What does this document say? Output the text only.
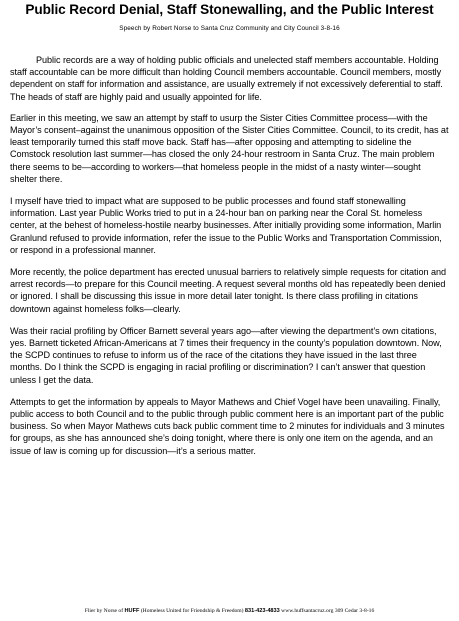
Public Record Denial, Staff Stonewalling, and the Public Interest
Speech by Robert Norse to Santa Cruz Community and City Council 3-8-16

Public records are a way of holding public officials and unelected staff members accountable. Holding staff accountable can be more difficult than holding Council members accountable. Council members, mostly dependent on staff for information and assistance, are usually extremely if not excessively deferential to staff. The heads of staff are highly paid and usually appointed for life.

Earlier in this meeting, we saw an attempt by staff to usurp the Sister Cities Committee process—with the Mayor’s consent–against the unanimous opposition of the Sister Cities Committee. Council, to its credit, has at least temporarily turned this staff move back. Staff has—after opposing and attempting to sideline the Comstock resolution last summer—has closed the only 24-hour restroom in Santa Cruz. The main problem there seems to be—according to workers—that homeless people in the midst of a nasty winter—sought shelter there.

I myself have tried to impact what are supposed to be public processes and found staff stonewalling information. Last year Public Works tried to put in a 24-hour ban on parking near the Coral St. homeless center, at the behest of homeless-hostile nearby businesses. After initially providing some information, Marlin Granlund refused to provide information, refer the issue to the Public Works and Transportation Commission, or respond in a professional manner.

More recently, the police department has erected unusual barriers to relatively simple requests for citation and arrest records—to prepare for this Council meeting. A request several months old has repeatedly been denied or ignored. I shall be discussing this issue in more detail later tonight. Is there class profiling in citations downtown against homeless folks—clearly.

Was their racial profiling by Officer Barnett several years ago—after viewing the department’s own citations, yes. Barnett ticketed African-Americans at 7 times their frequency in the county’s population downtown. Now, the SCPD continues to refuse to inform us of the race of the citations they have issued in the last three months. Do I think the SCPD is engaging in racial profiling or discrimination? I can’t answer that question unless I get the data.

Attempts to get the information by appeals to Mayor Mathews and Chief Vogel have been unavailing. Finally, public access to both Council and to the public through public comment here is an important part of the public business. So when Mayor Mathews cuts back public comment time to 2 minutes for individuals and 3 minutes for groups, as she has announced she’s doing tonight, where there is only one item on the agenda, and an issue of law is coming up for discussion—it’s a serious matter.

Flier by Norse of HUFF (Homeless United for Friendship & Freedom) 831-423-4833 www.huffsantacruz.org 309 Cedar 3-8-16
